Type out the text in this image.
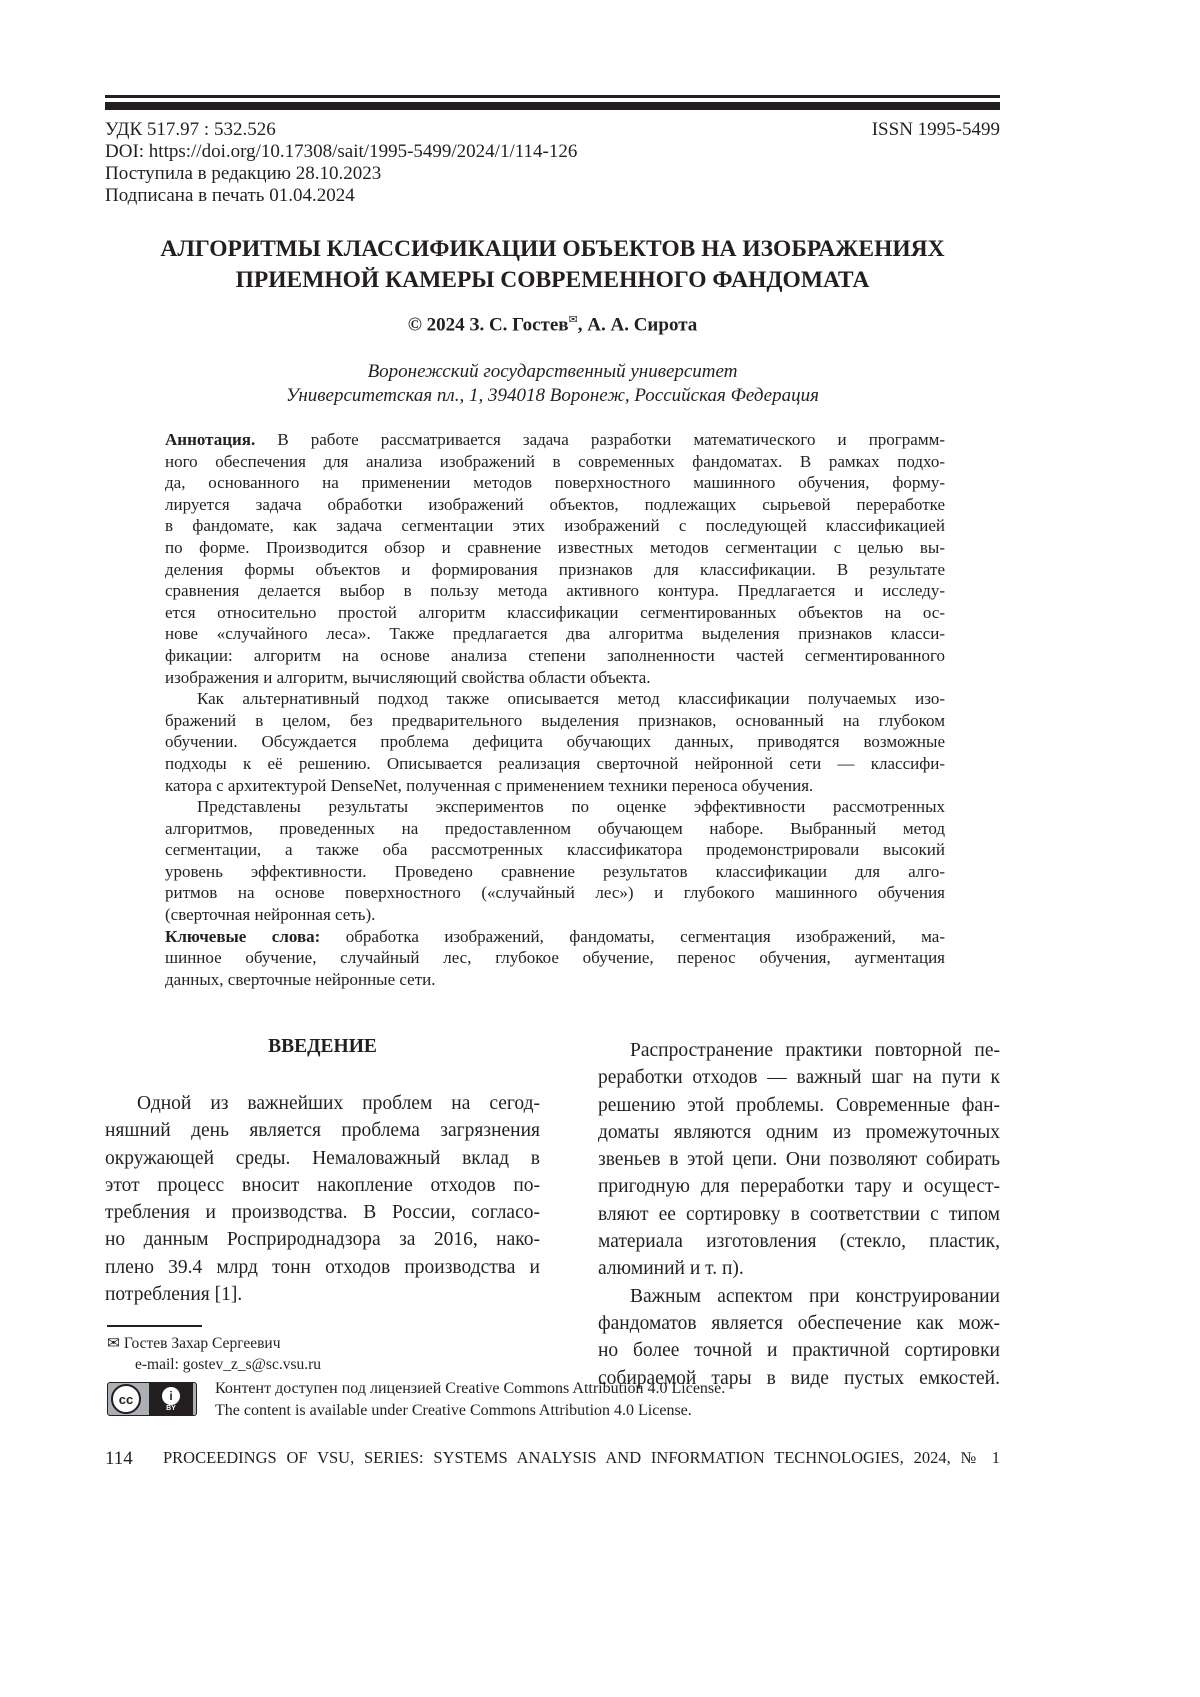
УДК 517.97 : 532.526
DOI: https://doi.org/10.17308/sait/1995-5499/2024/1/114-126
Поступила в редакцию 28.10.2023
Подписана в печать 01.04.2024
ISSN 1995-5499
АЛГОРИТМЫ КЛАССИФИКАЦИИ ОБЪЕКТОВ НА ИЗОБРАЖЕНИЯХ
ПРИЕМНОЙ КАМЕРЫ СОВРЕМЕННОГО ФАНДОМАТА
© 2024 З. С. Гостев✉, А. А. Сирота
Воронежский государственный университет
Университетская пл., 1, 394018 Воронеж, Российская Федерация
Аннотация. В работе рассматривается задача разработки математического и программ-
ного обеспечения для анализа изображений в современных фандоматах. В рамках подхо-
да, основанного на применении методов поверхностного машинного обучения, форму-
лируется задача обработки изображений объектов, подлежащих сырьевой переработке
в фандомате, как задача сегментации этих изображений с последующей классификацией
по форме. Производится обзор и сравнение известных методов сегментации с целью вы-
деления формы объектов и формирования признаков для классификации. В результате
сравнения делается выбор в пользу метода активного контура. Предлагается и исследу-
ется относительно простой алгоритм классификации сегментированных объектов на ос-
нове «случайного леса». Также предлагается два алгоритма выделения признаков класси-
фикации: алгоритм на основе анализа степени заполненности частей сегментированного
изображения и алгоритм, вычисляющий свойства области объекта.
Как альтернативный подход также описывается метод классификации получаемых изо-
бражений в целом, без предварительного выделения признаков, основанный на глубоком
обучении. Обсуждается проблема дефицита обучающих данных, приводятся возможные
подходы к её решению. Описывается реализация сверточной нейронной сети — классифи-
катора с архитектурой DenseNet, полученная с применением техники переноса обучения.
Представлены результаты экспериментов по оценке эффективности рассмотренных
алгоритмов, проведенных на предоставленном обучающем наборе. Выбранный метод
сегментации, а также оба рассмотренных классификатора продемонстрировали высокий
уровень эффективности. Проведено сравнение результатов классификации для алго-
ритмов на основе поверхностного («случайный лес») и глубокого машинного обучения
(сверточная нейронная сеть).
Ключевые слова: обработка изображений, фандоматы, сегментация изображений, ма-
шинное обучение, случайный лес, глубокое обучение, перенос обучения, аугментация
данных, сверточные нейронные сети.
ВВЕДЕНИЕ
Одной из важнейших проблем на сегод-
няшний день является проблема загрязнения
окружающей среды. Немаловажный вклад в
этот процесс вносит накопление отходов по-
требления и производства. В России, согласо-
но данным Росприроднадзора за 2016, нако-
плено 39.4 млрд тонн отходов производства и
потребления [1].
Распространение практики повторной пе-
реработки отходов — важный шаг на пути к
решению этой проблемы. Современные фан-
доматы являются одним из промежуточных
звеньев в этой цепи. Они позволяют собирать
пригодную для переработки тару и осущест-
вляют ее сортировку в соответствии с типом
материала изготовления (стекло, пластик,
алюминий и т. п).
Важным аспектом при конструировании
фандоматов является обеспечение как мож-
но более точной и практичной сортировки
собираемой тары в виде пустых емкостей.
✉ Гостев Захар Сергеевич
e-mail: gostev_z_s@sc.vsu.ru
cc	i
BY
Контент доступен под лицензией Creative Commons Attribution 4.0 License.
The content is available under Creative Commons Attribution 4.0 License.
114	PROCEEDINGS OF VSU, SERIES: SYSTEMS ANALYSIS AND INFORMATION TECHNOLOGIES, 2024, № 1
